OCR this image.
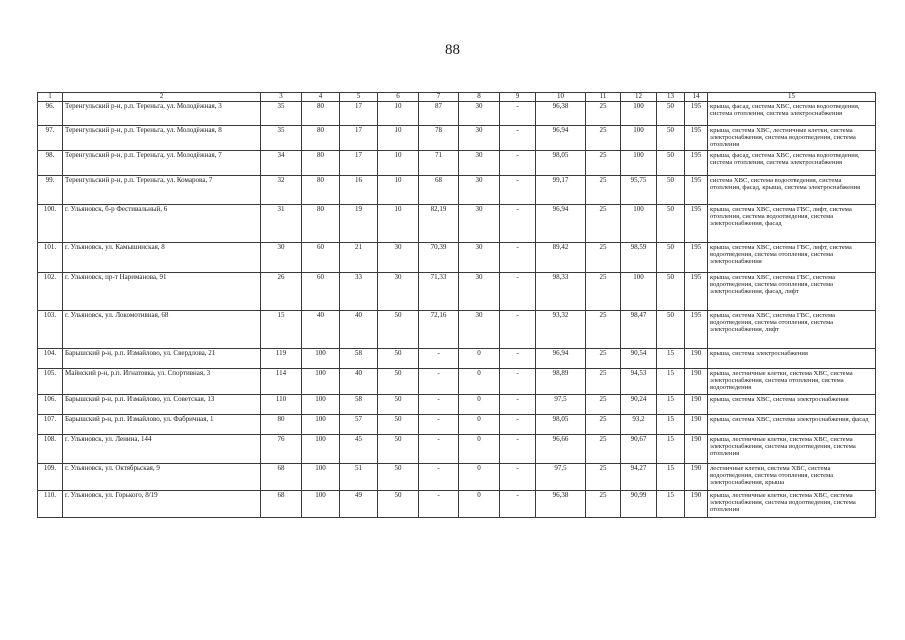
88
1	2	3	4	5	6	7	8	9	10	11	12	13	14	15
96.	Теренгульский р-н, р.п. Тереньга, ул. Молодёжная, 3	35	80	17	10	87	30	-	96,38	25	100	50	195	крыша, фасад, система ХВС, система водоотведения, система отопления, система электроснабжения
97.	Теренгульский р-н, р.п. Тереньга, ул. Молодёжная, 8	35	80	17	10	78	30	-	96,94	25	100	50	195	крыша, система ХВС, лестничные клетки, система электроснабжения, система водоотведения, система отопления
98.	Теренгульский р-н, р.п. Тереньга, ул. Молодёжная, 7	34	80	17	10	71	30	-	98,05	25	100	50	195	крыша, фасад, система ХВС, система водоотведения, система отопления, система электроснабжения
99.	Теренгульский р-н, р.п. Тереньга, ул. Комарова, 7	32	80	16	10	68	30	-	99,17	25	95,75	50	195	система ХВС, система водоотведения, система отопления, фасад, крыша, система электроснабжения
100.	г. Ульяновск, б-р Фестивальный, 6	31	80	19	10	82,19	30	-	96,94	25	100	50	195	крыша, система ХВС, система ГВС, лифт, система отопления, система водоотведения, система электроснабжения, фасад
101.	г. Ульяновск, ул. Камышинская, 8	30	60	21	30	70,39	30	-	89,42	25	98,59	50	195	крыша, система ХВС, система ГВС, лифт, система водоотведения, система отопления, система электроснабжения
102.	г. Ульяновск, пр-т Нариманова, 91	26	60	33	30	71,33	30	-	98,33	25	100	50	195	крыша, система ХВС, система ГВС, система водоотведения, система отопления, система электроснабжения, фасад, лифт
103.	г. Ульяновск, ул. Локомотивная, 68	15	40	40	50	72,16	30	-	93,32	25	98,47	50	195	крыша, система ХВС, система ГВС, система водоотведения, система отопления, система электроснабжения, лифт
104.	Барышский р-н, р.п. Измайлово, ул. Свердлова, 21	119	100	58	50	-	0	-	96,94	25	90,54	15	190	крыша, система электроснабжения
105.	Майнский р-н, р.п. Игнатовка, ул. Спортивная, 3	114	100	40	50	-	0	-	98,89	25	94,53	15	190	крыша, лестничные клетки, система ХВС, система электроснабжения, система отопления, система водоотведения
106.	Барышский р-н, р.п. Измайлово, ул. Советская, 13	110	100	58	50	-	0	-	97,5	25	90,24	15	190	крыша, система ХВС, система электроснабжения
107.	Барышский р-н, р.п. Измайлово, ул. Фабричная, 1	80	100	57	50	-	0	-	98,05	25	93,2	15	190	крыша, система ХВС, система электроснабжения, фасад
108.	г. Ульяновск, ул. Ленина, 144	76	100	45	50	-	0	-	96,66	25	90,67	15	190	крыша, лестничные клетки, система ХВС, система электроснабжения, система водоотведения, система отопления
109.	г. Ульяновск, ул. Октябрьская, 9	68	100	51	50	-	0	-	97,5	25	94,27	15	190	лестничные клетки, система ХВС, система водоотведения, система отопления, система электроснабжения, крыша
110.	г. Ульяновск, ул. Горького, 8/19	68	100	49	50	-	0	-	96,38	25	90,99	15	190	крыша, лестничные клетки, система ХВС, система электроснабжения, система водоотведения, система отопления
